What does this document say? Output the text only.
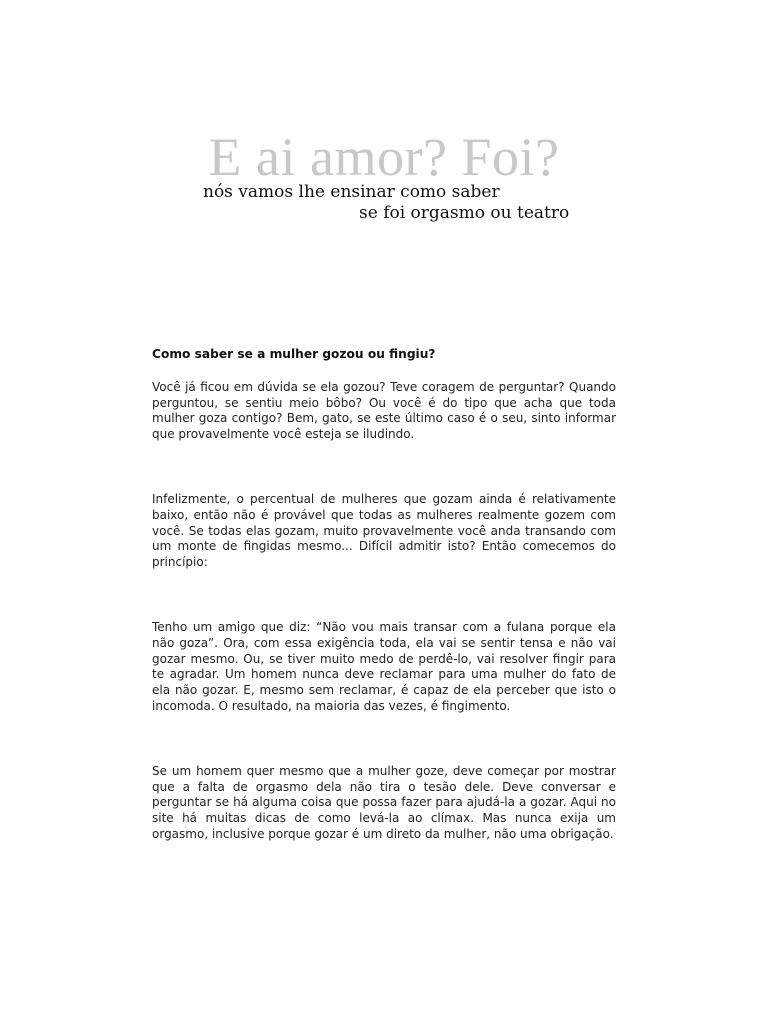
E ai amor? Foi?
nós vamos lhe ensinar como saber
se foi orgasmo ou teatro

Como saber se a mulher gozou ou fingiu?

Você já ficou em dúvida se ela gozou? Teve coragem de perguntar? Quando perguntou, se sentiu meio bôbo? Ou você é do tipo que acha que toda mulher goza contigo? Bem, gato, se este último caso é o seu, sinto informar que provavelmente você esteja se iludindo.

Infelizmente, o percentual de mulheres que gozam ainda é relativamente baixo, então não é provável que todas as mulheres realmente gozem com você. Se todas elas gozam, muito provavelmente você anda transando com um monte de fingidas mesmo... Difícil admitir isto? Então comecemos do princípio:

Tenho um amigo que diz: “Não vou mais transar com a fulana porque ela não goza”. Ora, com essa exigência toda, ela vai se sentir tensa e não vai gozar mesmo. Ou, se tiver muito medo de perdê-lo, vai resolver fingir para te agradar. Um homem nunca deve reclamar para uma mulher do fato de ela não gozar. E, mesmo sem reclamar, é capaz de ela perceber que isto o incomoda. O resultado, na maioria das vezes, é fingimento.

Se um homem quer mesmo que a mulher goze, deve começar por mostrar que a falta de orgasmo dela não tira o tesão dele. Deve conversar e perguntar se há alguma coisa que possa fazer para ajudá-la a gozar. Aqui no site há muitas dicas de como levá-la ao clímax. Mas nunca exija um orgasmo, inclusive porque gozar é um direto da mulher, não uma obrigação.
